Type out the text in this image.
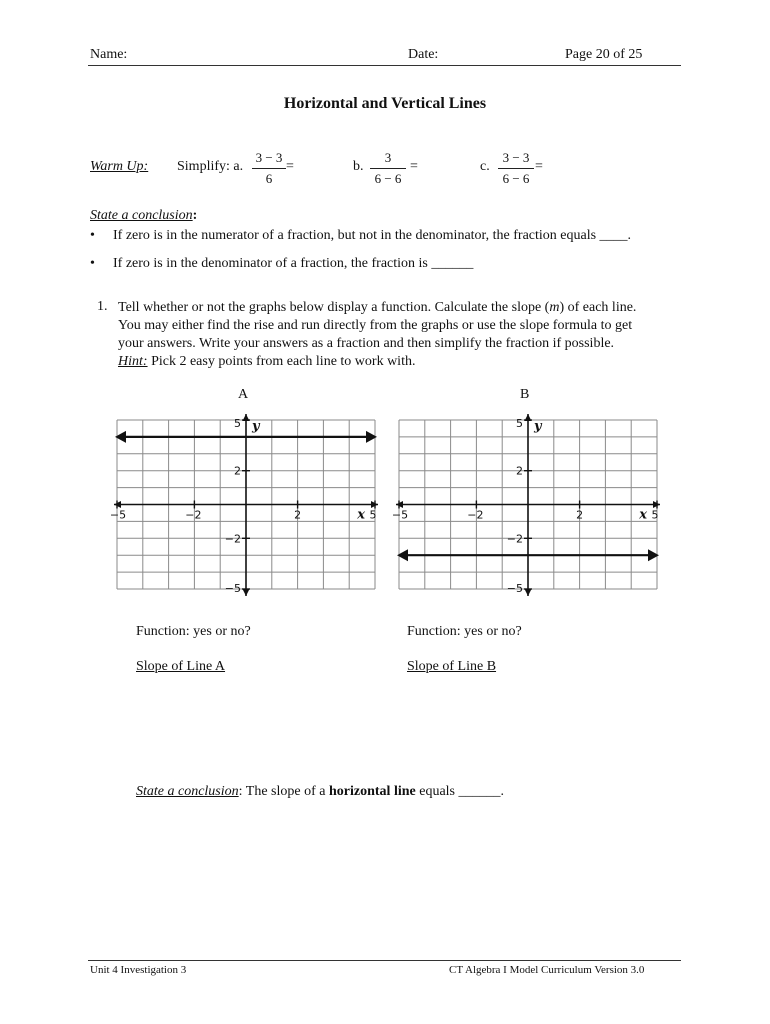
Name:	Date:	Page 20 of 25
Horizontal and Vertical Lines
Warm Up: Simplify: a.
3 − 3
6
=	b.
3
6 − 6
=	c.
3 − 3
6 − 6
=
State a conclusion:
• If zero is in the numerator of a fraction, but not in the denominator, the fraction equals ____.
• If zero is in the denominator of a fraction, the fraction is ______
1. Tell whether or not the graphs below display a function. Calculate the slope (m) of each line.

You may either find the rise and run directly from the graphs or use the slope formula to get

your answers. Write your answers as a fraction and then simplify the fraction if possible.

Hint: Pick 2 easy points from each line to work with.

A	B
−5	−2	2	5
5
2
−2
−5
y
x −5	−2	2	5
5
2
−2
−5
y
x
Function: yes or no?	Function: yes or no?
Slope of Line A	Slope of Line B
State a conclusion: The slope of a horizontal line equals ______.
Unit 4 Investigation 3	CT Algebra I Model Curriculum Version 3.0
